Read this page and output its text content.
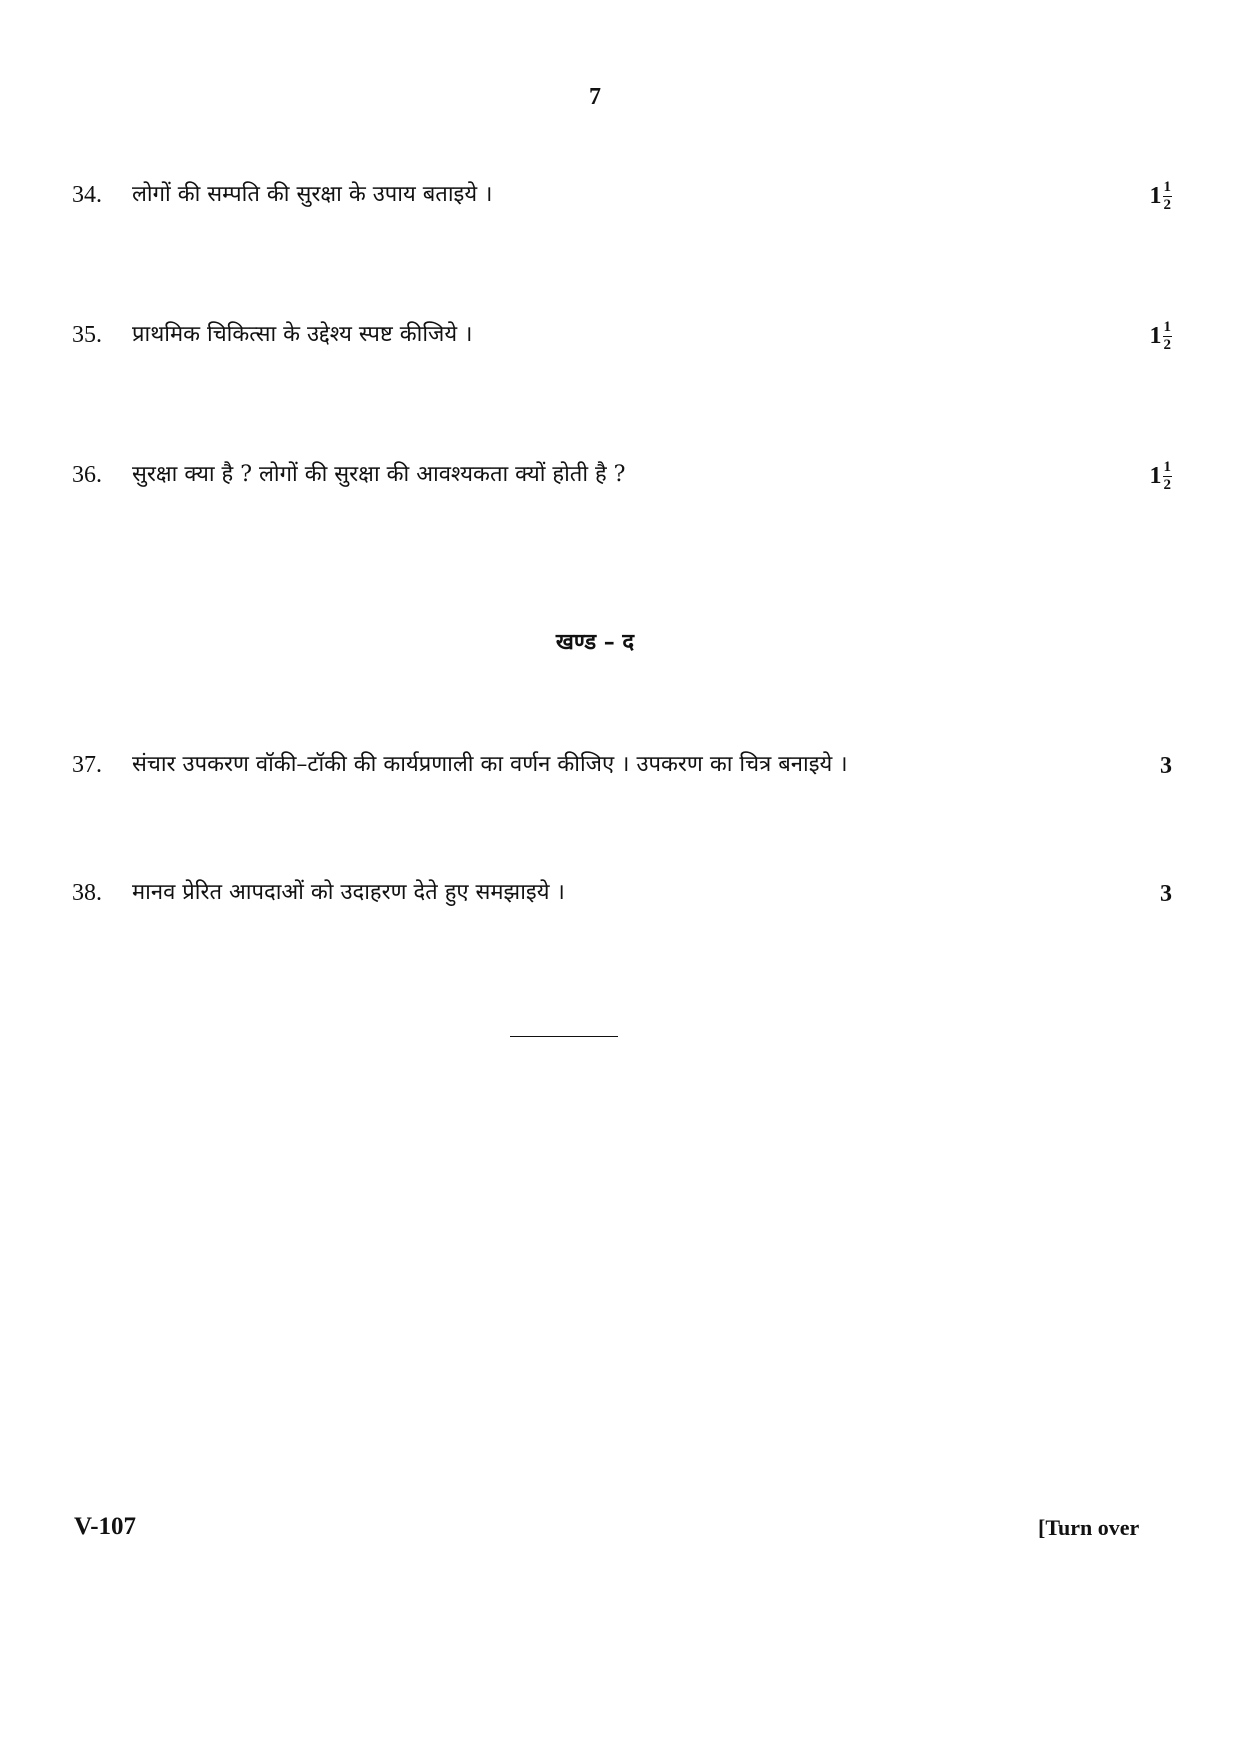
7
34. लोगों की सम्पति की सुरक्षा के उपाय बताइये ।	$1 \frac{1}{2}$
35. प्राथमिक चिकित्सा के उद्देश्य स्पष्ट कीजिये ।	$1 \frac{1}{2}$
36. सुरक्षा क्या है ? लोगों की सुरक्षा की आवश्यकता क्यों होती है ?	$1 \frac{1}{2}$
खण्ड – द
37. संचार उपकरण वॉकी–टॉकी की कार्यप्रणाली का वर्णन कीजिए । उपकरण का चित्र बनाइये ।	3
38. मानव प्रेरित आपदाओं को उदाहरण देते हुए समझाइये ।	3
V-107	[Turn over
